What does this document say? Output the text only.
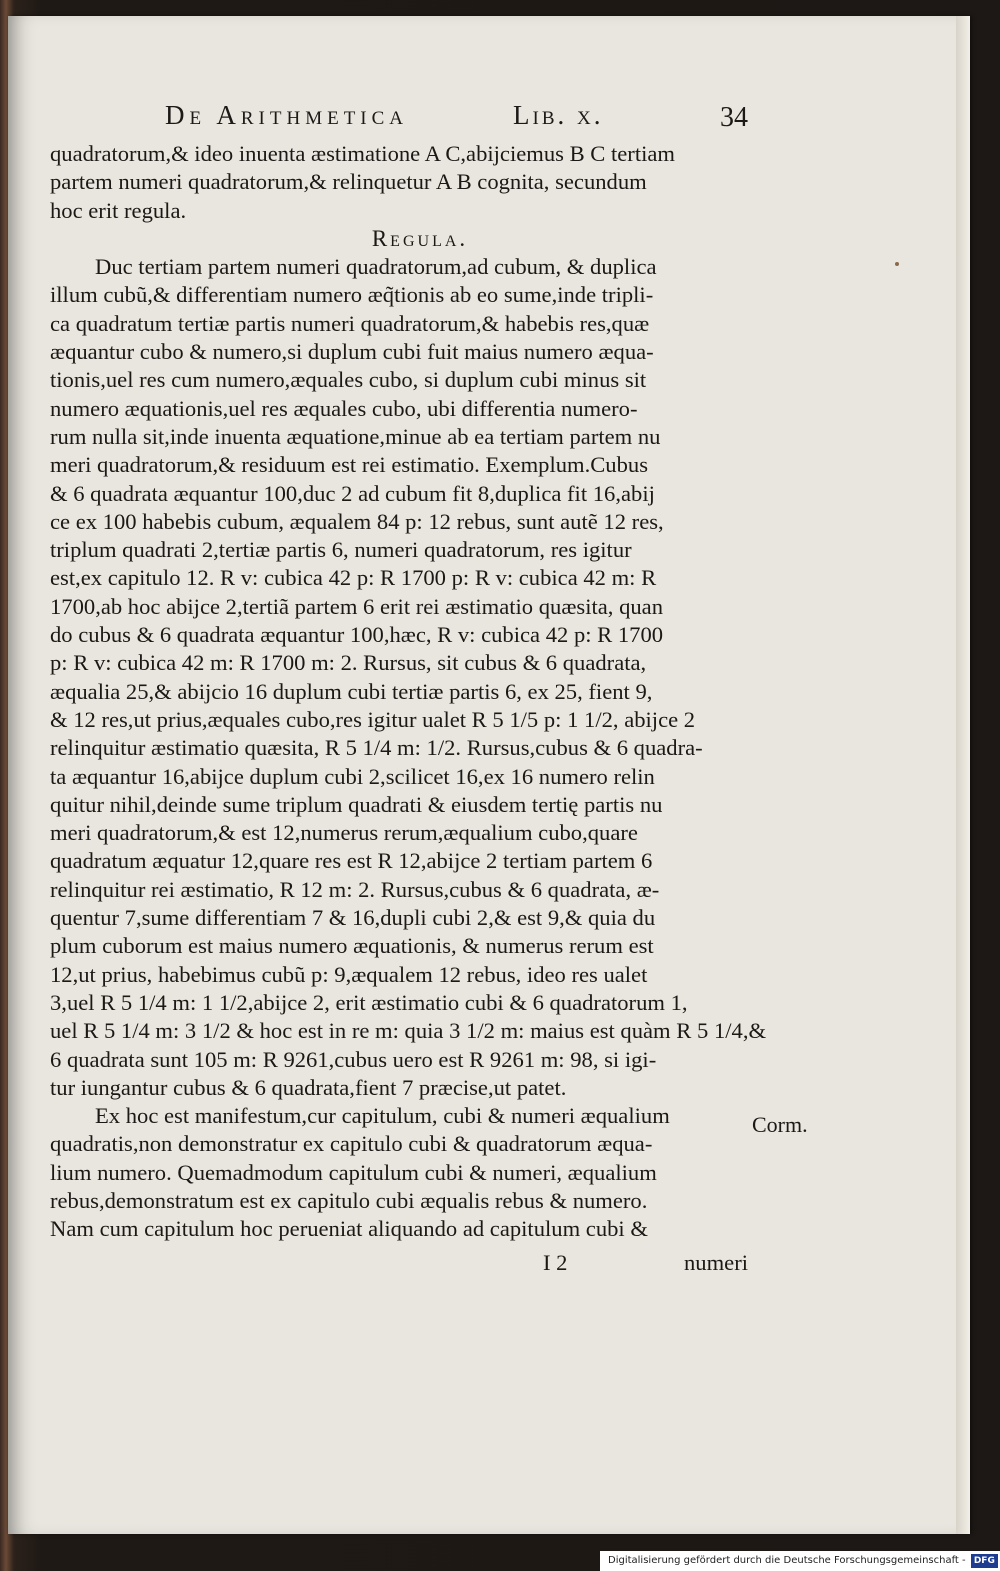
De Arithmetica	Lib. x.	34
quadratorum,& ideo inuenta æstimatione A C,abijciemus B C tertiam
partem numeri quadratorum,& relinquetur A B cognita, secundum
hoc erit regula.
Regula.
Duc tertiam partem numeri quadratorum,ad cubum, & duplica
illum cubũ,& differentiam numero æq̃tionis ab eo sume,inde tripli-
ca quadratum tertiæ partis numeri quadratorum,& habebis res,quæ
æquantur cubo & numero,si duplum cubi fuit maius numero æqua-
tionis,uel res cum numero,æquales cubo, si duplum cubi minus sit
numero æquationis,uel res æquales cubo, ubi differentia numero-
rum nulla sit,inde inuenta æquatione,minue ab ea tertiam partem nu
meri quadratorum,& residuum est rei estimatio. Exemplum.Cubus
& 6 quadrata æquantur 100,duc 2 ad cubum fit 8,duplica fit 16,abij
ce ex 100 habebis cubum, æqualem 84 p: 12 rebus, sunt autẽ 12 res,
triplum quadrati 2,tertiæ partis 6, numeri quadratorum, res igitur
est,ex capitulo 12. R v: cubica 42 p: R 1700 p: R v: cubica 42 m: R
1700,ab hoc abijce 2,tertiã partem 6 erit rei æstimatio quæsita, quan
do cubus & 6 quadrata æquantur 100,hæc, R v: cubica 42 p: R 1700
p: R v: cubica 42 m: R 1700 m: 2. Rursus, sit cubus & 6 quadrata,
æqualia 25,& abijcio 16 duplum cubi tertiæ partis 6, ex 25, fient 9,
& 12 res,ut prius,æquales cubo,res igitur ualet R 5 1/5 p: 1 1/2, abijce 2
relinquitur æstimatio quæsita, R 5 1/4 m: 1/2. Rursus,cubus & 6 quadra-
ta æquantur 16,abijce duplum cubi 2,scilicet 16,ex 16 numero relin
quitur nihil,deinde sume triplum quadrati & eiusdem tertię partis nu
meri quadratorum,& est 12,numerus rerum,æqualium cubo,quare
quadratum æquatur 12,quare res est R 12,abijce 2 tertiam partem 6
relinquitur rei æstimatio, R 12 m: 2. Rursus,cubus & 6 quadrata, æ-
quentur 7,sume differentiam 7 & 16,dupli cubi 2,& est 9,& quia du
plum cuborum est maius numero æquationis, & numerus rerum est
12,ut prius, habebimus cubũ p: 9,æqualem 12 rebus, ideo res ualet
3,uel R 5 1/4 m: 1 1/2,abijce 2, erit æstimatio cubi & 6 quadratorum 1,
uel R 5 1/4 m: 3 1/2 & hoc est in re m: quia 3 1/2 m: maius est quàm R 5 1/4,&
6 quadrata sunt 105 m: R 9261,cubus uero est R 9261 m: 98, si igi-
tur iungantur cubus & 6 quadrata,fient 7 præcise,ut patet.
Ex hoc est manifestum,cur capitulum, cubi & numeri æqualium
quadratis,non demonstratur ex capitulo cubi & quadratorum æqua-
lium numero. Quemadmodum capitulum cubi & numeri, æqualium
rebus,demonstratum est ex capitulo cubi æqualis rebus & numero.
Nam cum capitulum hoc perueniat aliquando ad capitulum cubi &
Corm.
I 2	numeri
Digitalisierung gefördert durch die Deutsche Forschungsgemeinschaft - DFG
